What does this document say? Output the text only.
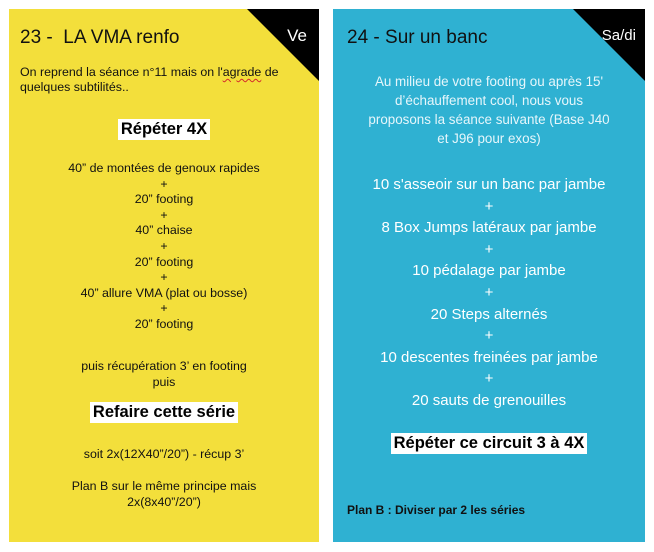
Ve
23 -  LA VMA renfo

On reprend la séance n°11 mais on l'agrade de quelques subtilités..

Répéter 4X
40” de montées de genoux rapides
+
20” footing
+
40” chaise
+
20” footing
+
40” allure VMA (plat ou bosse)
+
20” footing
puis récupération 3’ en footing
puis
Refaire cette série
soit 2x(12X40”/20”) - récup 3’
Plan B sur le même principe mais
2x(8x40”/20”)
Sa/di
24 - Sur un banc
Au milieu de votre footing ou après 15'
d’échauffement cool, nous vous
proposons la séance suivante (Base J40
et J96 pour exos)
10 s'asseoir sur un banc par jambe
+
8 Box Jumps latéraux par jambe
+
10 pédalage par jambe
+
20 Steps alternés
+
10 descentes freinées par jambe
+
20 sauts de grenouilles
Répéter ce circuit 3 à 4X
Plan B : Diviser par 2 les séries
